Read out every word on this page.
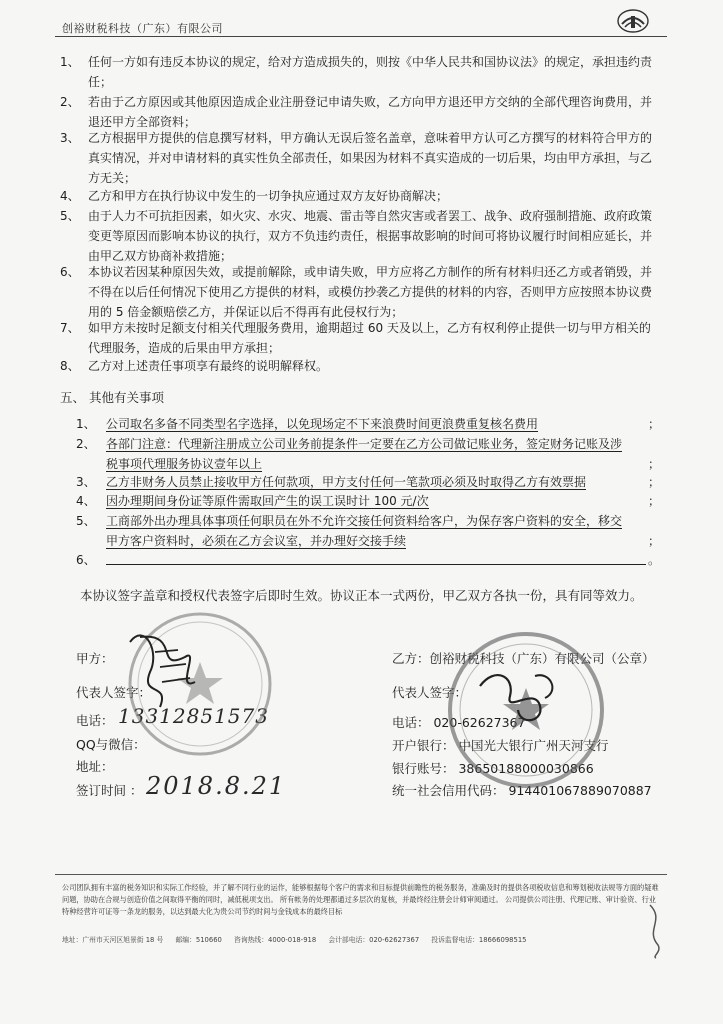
创裕财税科技（广东）有限公司
1、 任何一方如有违反本协议的规定，给对方造成损失的，则按《中华人民共和国协议法》的规定，承担违约责任；
2、 若由于乙方原因或其他原因造成企业注册登记申请失败，乙方向甲方退还甲方交纳的全部代理咨询费用，并退还甲方全部资料；
3、 乙方根据甲方提供的信息撰写材料，甲方确认无误后签名盖章，意味着甲方认可乙方撰写的材料符合甲方的真实情况，并对申请材料的真实性负全部责任，如果因为材料不真实造成的一切后果，均由甲方承担，与乙方无关；
4、 乙方和甲方在执行协议中发生的一切争执应通过双方友好协商解决；
5、 由于人力不可抗拒因素，如火灾、水灾、地震、雷击等自然灾害或者罢工、战争、政府强制措施、政府政策变更等原因而影响本协议的执行，双方不负违约责任，根据事故影响的时间可将协议履行时间相应延长，并由甲乙双方协商补救措施；
6、 本协议若因某种原因失效，或提前解除，或申请失败，甲方应将乙方制作的所有材料归还乙方或者销毁，并不得在以后任何情况下使用乙方提供的材料，或模仿抄袭乙方提供的材料的内容，否则甲方应按照本协议费用的 5 倍金额赔偿乙方，并保证以后不得再有此侵权行为；
7、 如甲方未按时足额支付相关代理服务费用，逾期超过 60 天及以上，乙方有权利停止提供一切与甲方相关的代理服务，造成的后果由甲方承担；
8、 乙方对上述责任事项享有最终的说明解释权。
五、 其他有关事项
1、 公司取名多备不同类型名字选择，以免现场定不下来浪费时间更浪费重复核名费用	；
2、 各部门注意：代理新注册成立公司业务前提条件一定要在乙方公司做记账业务，签定财务记账及涉
税事项代理服务协议壹年以上	；
3、 乙方非财务人员禁止接收甲方任何款项，甲方支付任何一笔款项必须及时取得乙方有效票据	；
4、 因办理期间身份证等原件需取回产生的误工误时计 100 元/次	；
5、 工商部外出办理具体事项任何职员在外不允许交接任何资料给客户，为保存客户资料的安全，移交
甲方客户资料时，必须在乙方会议室，并办理好交接手续	；
6、	。
本协议签字盖章和授权代表签字后即时生效。协议正本一式两份，甲乙双方各执一份，具有同等效力。
甲方：
代表人签字：
电话： 13312851573
QQ与微信：
地址：
签订时间 ： 2018.8.21
乙方：创裕财税科技（广东）有限公司（公章）
代表人签字：
电话： 020-62627367
开户银行： 中国光大银行广州天河支行
银行账号： 38650188000030866
统一社会信用代码： 914401067889070887
公司团队拥有丰富的税务知识和实际工作经验，并了解不同行业的运作，能够根据每个客户的需求和目标提供前瞻性的税务服务，准确及时的提供各项税收信息和筹划税收法规等方面的疑难问题，协助在合规与创造价值之间取得平衡的同时，减低税项支出。 所有帐务的处理都通过多层次的复核，并最终经注册会计师审阅通过。 公司提供公司注册、代理记账、审计验资、行业特种经营许可证等一条龙的服务，以达到最大化为贵公司节约时间与金钱成本的最终目标
地址：广州市天河区旭景街 18 号 邮编：510660 咨询热线：4000-018-918 会计部电话：020-62627367 投诉监督电话：18666098515
